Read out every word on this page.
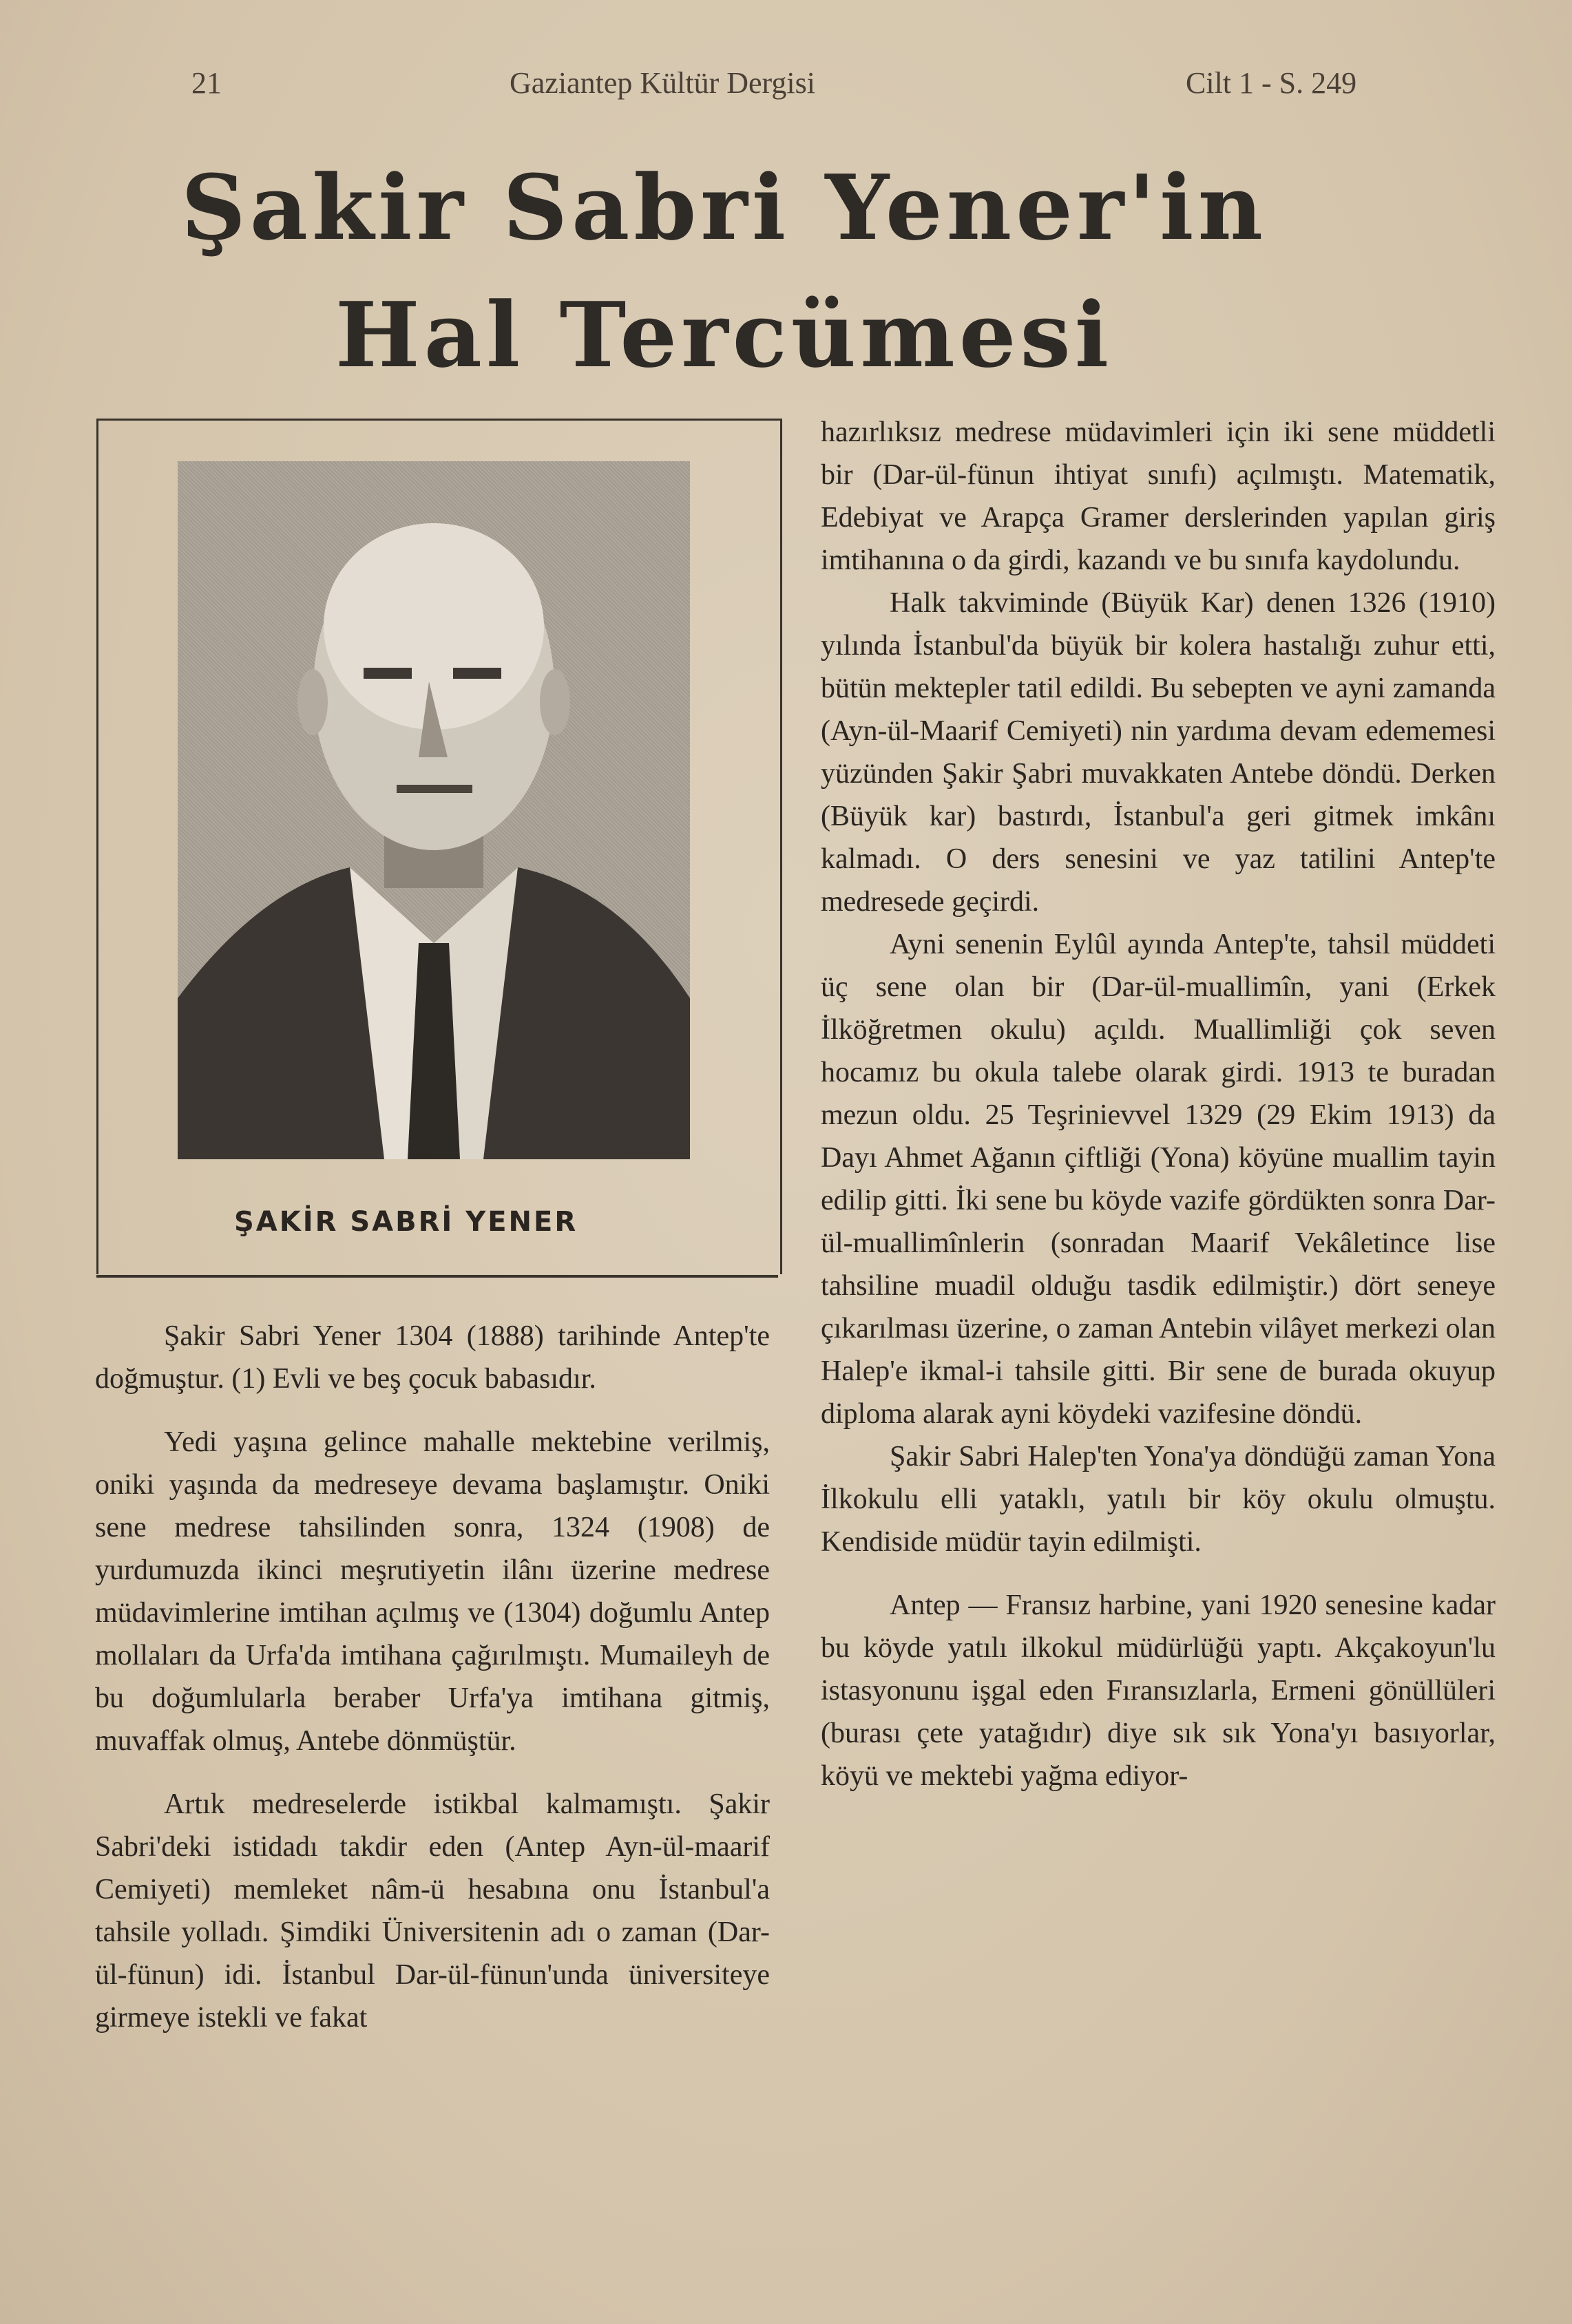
21	Gaziantep Kültür Dergisi	Cilt 1 - S. 249
Şakir Sabri Yener'in
Hal Tercümesi
ŞAKİR SABRİ YENER

Şakir Sabri Yener 1304 (1888) tarihinde Antep'te doğmuştur. (1) Evli ve beş çocuk babasıdır.

Yedi yaşına gelince mahalle mektebine verilmiş, oniki yaşında da medreseye devama başlamıştır. Oniki sene medrese tahsilinden sonra, 1324 (1908) de yurdumuzda ikinci meşrutiyetin ilânı üzerine medrese müdavimlerine imtihan açılmış ve (1304) doğumlu Antep mollaları da Urfa'da imtihana çağırılmıştı. Mumaileyh de bu doğumlularla beraber Urfa'ya imtihana gitmiş, muvaffak olmuş, Antebe dönmüştür.

Artık medreselerde istikbal kalmamıştı. Şakir Sabri'deki istidadı takdir eden (Antep Ayn-ül-maarif Cemiyeti) memleket nâm-ü hesabına onu İstanbul'a tahsile yolladı. Şimdiki Üniversitenin adı o zaman (Dar-ül-fünun) idi. İstanbul Dar-ül-fünun'unda üniversiteye girmeye istekli ve fakat

hazırlıksız medrese müdavimleri için iki sene müddetli bir (Dar-ül-fünun ihtiyat sınıfı) açılmıştı. Matematik, Edebiyat ve Arapça Gramer derslerinden yapılan giriş imtihanına o da girdi, kazandı ve bu sınıfa kaydolundu.

Halk takviminde (Büyük Kar) denen 1326 (1910) yılında İstanbul'da büyük bir kolera hastalığı zuhur etti, bütün mektepler tatil edildi. Bu sebepten ve ayni zamanda (Ayn-ül-Maarif Cemiyeti) nin yardıma devam edememesi yüzünden Şakir Şabri muvakkaten Antebe döndü. Derken (Büyük kar) bastırdı, İstanbul'a geri gitmek imkânı kalmadı. O ders senesini ve yaz tatilini Antep'te medresede geçirdi.

Ayni senenin Eylûl ayında Antep'te, tahsil müddeti üç sene olan bir (Dar-ül-muallimîn, yani (Erkek İlköğretmen okulu) açıldı. Muallimliği çok seven hocamız bu okula talebe olarak girdi. 1913 te buradan mezun oldu. 25 Teşrinievvel 1329 (29 Ekim 1913) da Dayı Ahmet Ağanın çiftliği (Yona) köyüne muallim tayin edilip gitti. İki sene bu köyde vazife gördükten sonra Dar-ül-muallimînlerin (sonradan Maarif Vekâletince lise tahsiline muadil olduğu tasdik edilmiştir.) dört seneye çıkarılması üzerine, o zaman Antebin vilâyet merkezi olan Halep'e ikmal-i tahsile gitti. Bir sene de burada okuyup diploma alarak ayni köydeki vazifesine döndü.

Şakir Sabri Halep'ten Yona'ya döndüğü zaman Yona İlkokulu elli yataklı, yatılı bir köy okulu olmuştu. Kendiside müdür tayin edilmişti.

Antep — Fransız harbine, yani 1920 senesine kadar bu köyde yatılı ilkokul müdürlüğü yaptı. Akçakoyun'lu istasyonunu işgal eden Fıransızlarla, Ermeni gönüllüleri (burası çete yatağıdır) diye sık sık Yona'yı basıyorlar, köyü ve mektebi yağma ediyor-
